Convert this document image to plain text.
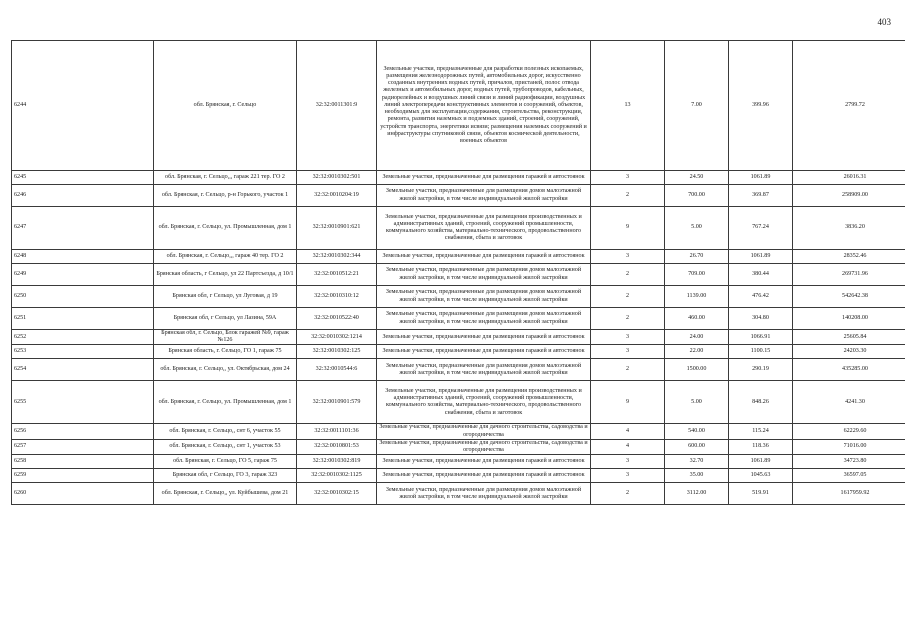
403
6244	обл. Брянская, г. Сельцо	32:32:0011301:9	Земельные участки, предназначенные для разработки полезных ископаемых, размещения железнодорожных путей, автомобильных дорог, искусственно созданных внутренних водных путей, причалов, пристаней, полос отвода железных и автомобильных дорог, водных путей, трубопроводов, кабельных, радиорелейных и воздушных линий связи и линий радиофикации, воздушных линий электропередачи конструктивных элементов и сооружений, объектов, необходимых для эксплуатации,содержания, строительства, реконструкции, ремонта, развития наземных и подземных зданий, строений, сооружений, устройств транспорта, энергетики исвязи; размещения наземных сооружений и инфраструктуры спутниковой связи, объектов космической деятельности, военных объектов	13	7.00	399.96	2799.72
6245	обл. Брянская, г. Сельцо,,, гараж 221 тер. ГО 2	32:32:0010302:501	Земельные участки, предназначенные для размещения гаражей и автостоянок	3	24.50	1061.89	26016.31
6246	обл. Брянская, г. Сельцо, р-н Горького, участок 1	32:32:0010204:19	Земельные участки, предназначенные для размещения домов малоэтажной жилой застройки, в том числе индивидуальной жилой застройки	2	700.00	369.87	258909.00
6247	обл. Брянская, г. Сельцо, ул. Промышленная, дом 1	32:32:0010901:621	Земельные участки, предназначенные для размещения производственных и административных зданий, строений, сооружений промышленности, коммунального хозяйства, материально-технического, продовольственного снабжения, сбыта и заготовок	9	5.00	767.24	3836.20
6248	обл. Брянская, г. Сельцо,,, гараж 40 тер. ГО 2	32:32:0010302:344	Земельные участки, предназначенные для размещения гаражей и автостоянок	3	26.70	1061.89	28352.46
6249	Брянская область, г Сельцо, ул 22 Партсъезда, д 10/1	32:32:0010512:21	Земельные участки, предназначенные для размещения домов малоэтажной жилой застройки, в том числе индивидуальной жилой застройки	2	709.00	380.44	269731.96
6250	Брянская обл, г Сельцо, ул Луговая, д 19	32:32:0010310:12	Земельные участки, предназначенные для размещения домов малоэтажной жилой застройки, в том числе индивидуальной жилой застройки	2	1139.00	476.42	542642.38
6251	Брянская обл, г Сельцо, ул Лазина, 59А	32:32:0010522:40	Земельные участки, предназначенные для размещения домов малоэтажной жилой застройки, в том числе индивидуальной жилой застройки	2	460.00	304.80	140208.00
6252	Брянская обл, г. Сельцо, Блок гаражей №9, гараж №126	32:32:0010302:1214	Земельные участки, предназначенные для размещения гаражей и автостоянок	3	24.00	1066.91	25605.84
6253	Брянская область, г. Сельцо, ГО 1, гараж 75	32:32:0010302:125	Земельные участки, предназначенные для размещения гаражей и автостоянок	3	22.00	1100.15	24203.30
6254	обл. Брянская, г. Сельцо,, ул. Октябрьская, дом 24	32:32:0010544:6	Земельные участки, предназначенные для размещения домов малоэтажной жилой застройки, в том числе индивидуальной жилой застройки	2	1500.00	290.19	435285.00
6255	обл. Брянская, г. Сельцо, ул. Промышленная, дом 1	32:32:0010901:579	Земельные участки, предназначенные для размещения производственных и административных зданий, строений, сооружений промышленности, коммунального хозяйства, материально-технического, продовольственного снабжения, сбыта и заготовок	9	5.00	848.26	4241.30
6256	обл. Брянская, г. Сельцо,, снт 6, участок 55	32:32:0011101:36	Земельные участки, предназначенные для дачного строительства, садоводства и огородничества	4	540.00	115.24	62229.60
6257	обл. Брянская, г. Сельцо,, снт 1, участок 53	32:32:0010801:53	Земельные участки, предназначенные для дачного строительства, садоводства и огородничества	4	600.00	118.36	71016.00
6258	обл. Брянская, г. Сельцо, ГО 5, гараж 75	32:32:0010302:819	Земельные участки, предназначенные для размещения гаражей и автостоянок	3	32.70	1061.89	34723.80
6259	Брянская обл, г Сельцо, ГО 3, гараж 323	32:32:0010302:1125	Земельные участки, предназначенные для размещения гаражей и автостоянок	3	35.00	1045.63	36597.05
6260	обл. Брянская, г. Сельцо,, ул. Куйбышева, дом 21	32:32:0010302:15	Земельные участки, предназначенные для размещения домов малоэтажной жилой застройки, в том числе индивидуальной жилой застройки	2	3112.00	519.91	1617959.92
